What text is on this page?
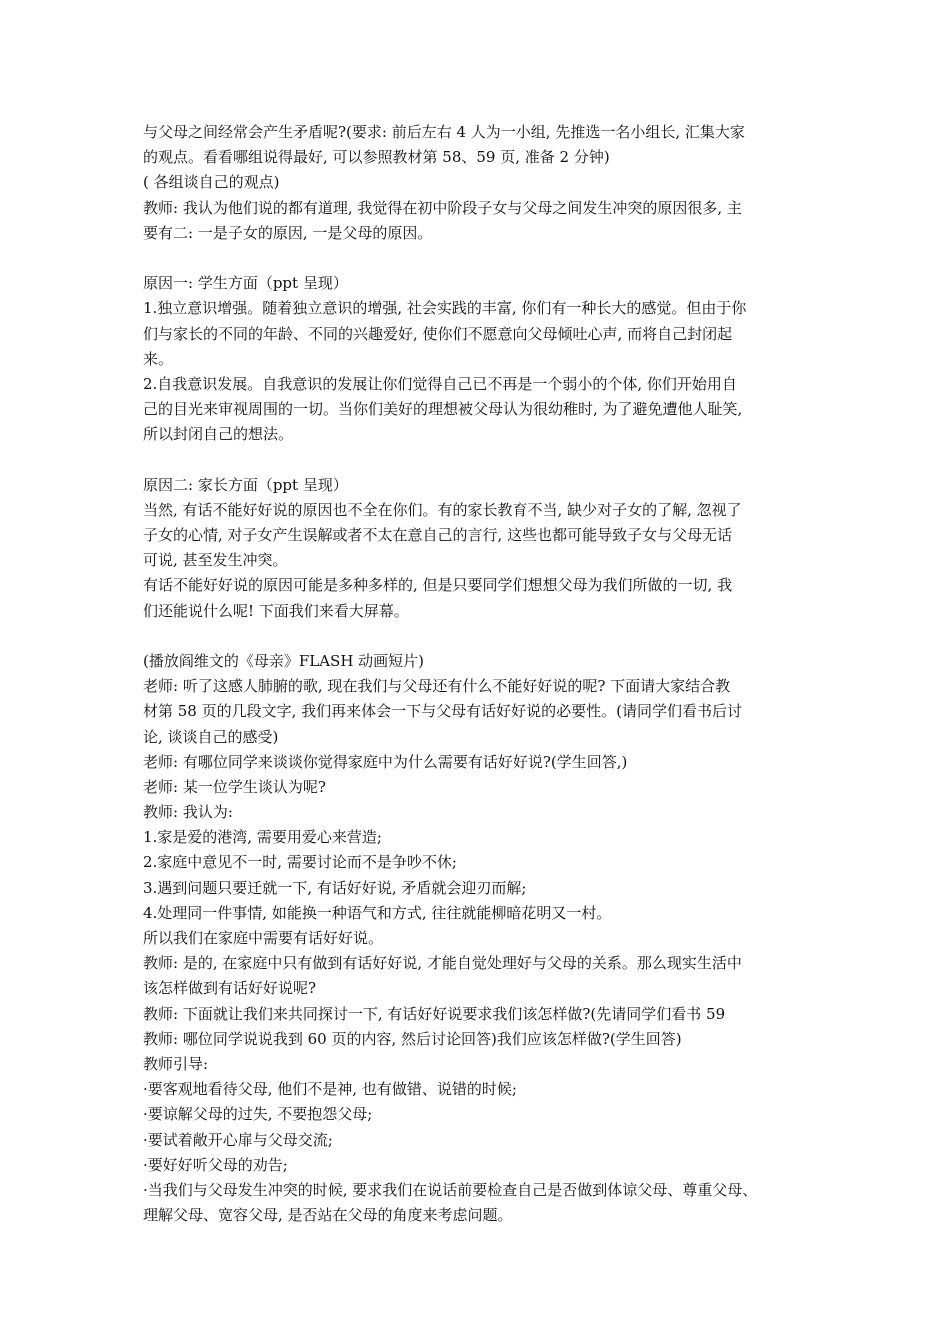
与父母之间经常会产生矛盾呢?(要求: 前后左右 4 人为一小组, 先推选一名小组长, 汇集大家
的观点。看看哪组说得最好, 可以参照教材第 58、59 页, 准备 2 分钟)
( 各组谈自己的观点)
教师: 我认为他们说的都有道理, 我觉得在初中阶段子女与父母之间发生冲突的原因很多, 主
要有二: 一是子女的原因, 一是父母的原因。
原因一: 学生方面（ppt 呈现）
1.独立意识增强。随着独立意识的增强, 社会实践的丰富, 你们有一种长大的感觉。但由于你
们与家长的不同的年龄、不同的兴趣爱好, 使你们不愿意向父母倾吐心声, 而将自己封闭起
来。
2.自我意识发展。自我意识的发展让你们觉得自己已不再是一个弱小的个体, 你们开始用自
己的目光来审视周围的一切。当你们美好的理想被父母认为很幼稚时, 为了避免遭他人耻笑,
所以封闭自己的想法。
原因二: 家长方面（ppt 呈现）
当然, 有话不能好好说的原因也不全在你们。有的家长教育不当, 缺少对子女的了解, 忽视了
子女的心情, 对子女产生误解或者不太在意自己的言行, 这些也都可能导致子女与父母无话
可说, 甚至发生冲突。
有话不能好好说的原因可能是多种多样的, 但是只要同学们想想父母为我们所做的一切, 我
们还能说什么呢! 下面我们来看大屏幕。
(播放阎维文的《母亲》FLASH 动画短片)
老师: 听了这感人肺腑的歌, 现在我们与父母还有什么不能好好说的呢? 下面请大家结合教
材第 58 页的几段文字, 我们再来体会一下与父母有话好好说的必要性。(请同学们看书后讨
论, 谈谈自己的感受)
老师: 有哪位同学来谈谈你觉得家庭中为什么需要有话好好说?(学生回答,)
老师: 某一位学生谈认为呢?
教师: 我认为:
1.家是爱的港湾, 需要用爱心来营造;
2.家庭中意见不一时, 需要讨论而不是争吵不休;
3.遇到问题只要迁就一下, 有话好好说, 矛盾就会迎刃而解;
4.处理同一件事情, 如能换一种语气和方式, 往往就能柳暗花明又一村。
所以我们在家庭中需要有话好好说。
教师: 是的, 在家庭中只有做到有话好好说, 才能自觉处理好与父母的关系。那么现实生活中
该怎样做到有话好好说呢?
教师: 下面就让我们来共同探讨一下, 有话好好说要求我们该怎样做?(先请同学们看书 59
教师: 哪位同学说说我到 60 页的内容, 然后讨论回答)我们应该怎样做?(学生回答)
教师引导:
·要客观地看待父母, 他们不是神, 也有做错、说错的时候;
·要谅解父母的过失, 不要抱怨父母;
·要试着敞开心扉与父母交流;
·要好好听父母的劝告;
·当我们与父母发生冲突的时候, 要求我们在说话前要检查自己是否做到体谅父母、尊重父母、
理解父母、宽容父母, 是否站在父母的角度来考虑问题。
